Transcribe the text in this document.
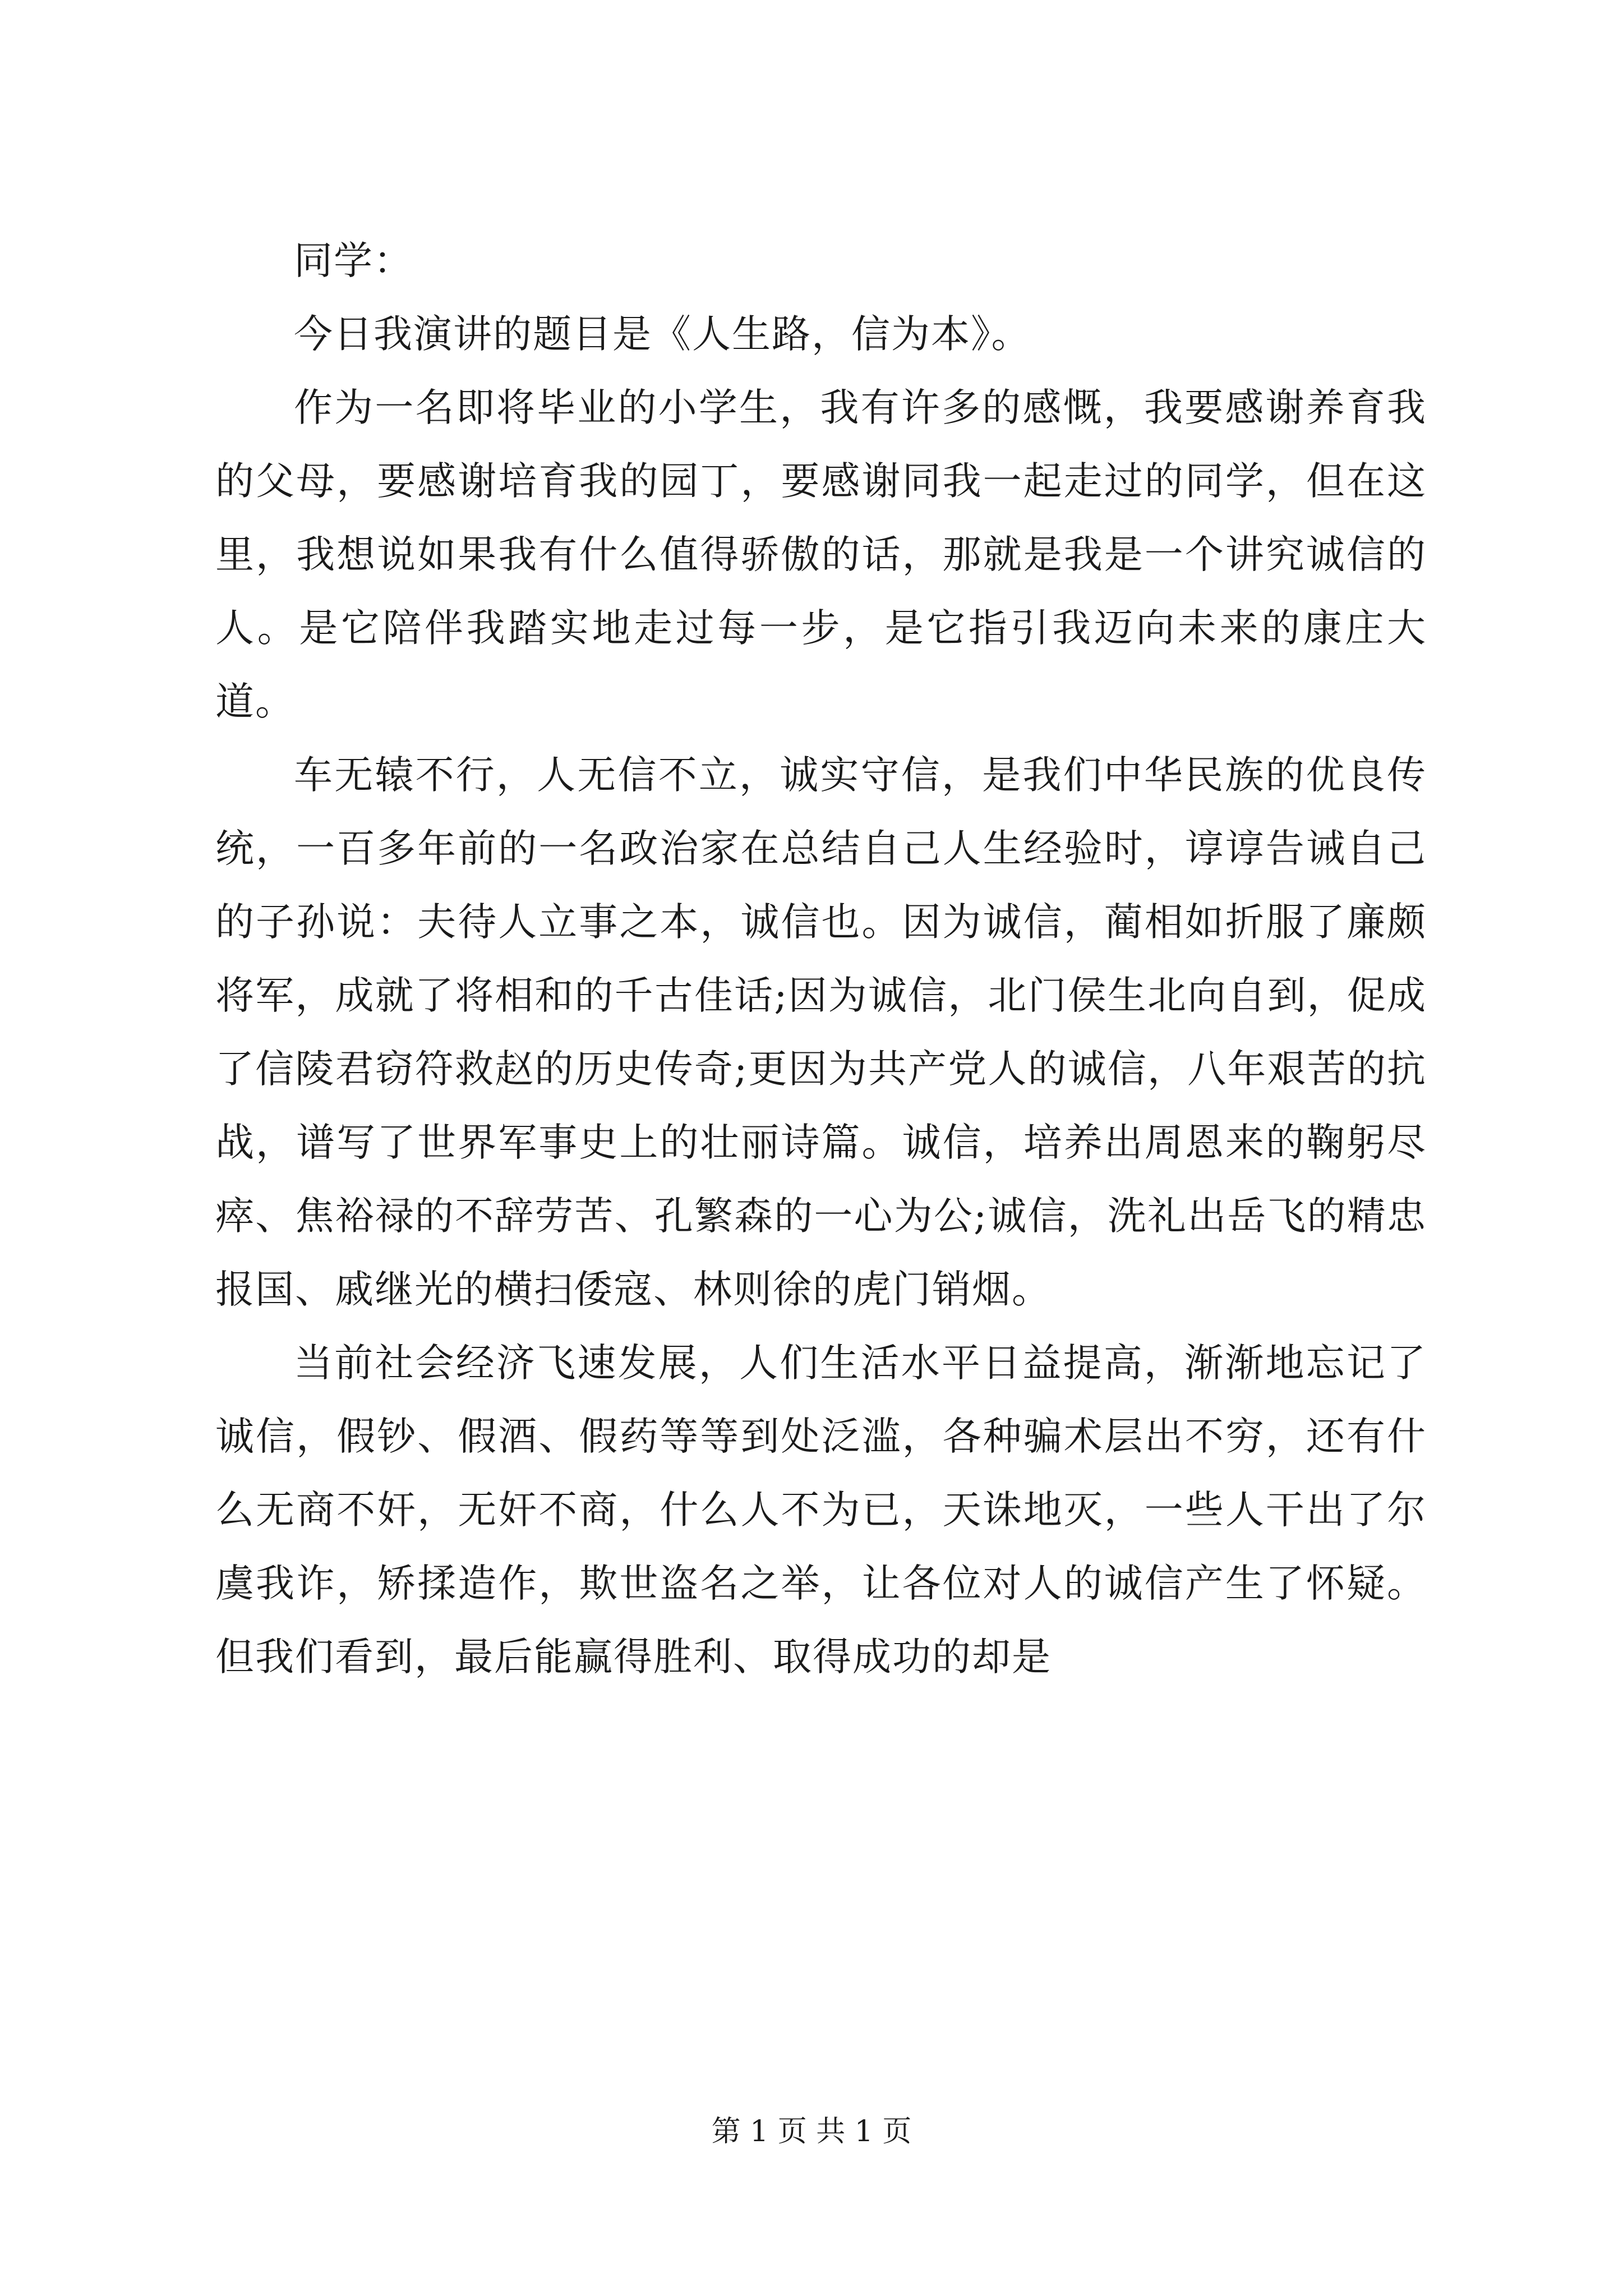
同学：

今日我演讲的题目是《人生路，信为本》。

作为一名即将毕业的小学生，我有许多的感慨，我要感谢养育我的父母，要感谢培育我的园丁，要感谢同我一起走过的同学，但在这里，我想说如果我有什么值得骄傲的话，那就是我是一个讲究诚信的人。是它陪伴我踏实地走过每一步，是它指引我迈向未来的康庄大道。

车无辕不行，人无信不立，诚实守信，是我们中华民族的优良传统，一百多年前的一名政治家在总结自己人生经验时，谆谆告诫自己的子孙说：夫待人立事之本，诚信也。因为诚信，蔺相如折服了廉颇将军，成就了将相和的千古佳话;因为诚信，北门侯生北向自到，促成了信陵君窃符救赵的历史传奇;更因为共产党人的诚信，八年艰苦的抗战，谱写了世界军事史上的壮丽诗篇。诚信，培养出周恩来的鞠躬尽瘁、焦裕禄的不辞劳苦、孔繁森的一心为公;诚信，洗礼出岳飞的精忠报国、戚继光的横扫倭寇、林则徐的虎门销烟。

当前社会经济飞速发展，人们生活水平日益提高，渐渐地忘记了诚信，假钞、假酒、假药等等到处泛滥，各种骗术层出不穷，还有什么无商不奸，无奸不商，什么人不为已，天诛地灭，一些人干出了尔虞我诈，矫揉造作，欺世盗名之举，让各位对人的诚信产生了怀疑。但我们看到，最后能赢得胜利、取得成功的却是

第 1 页 共 1 页
